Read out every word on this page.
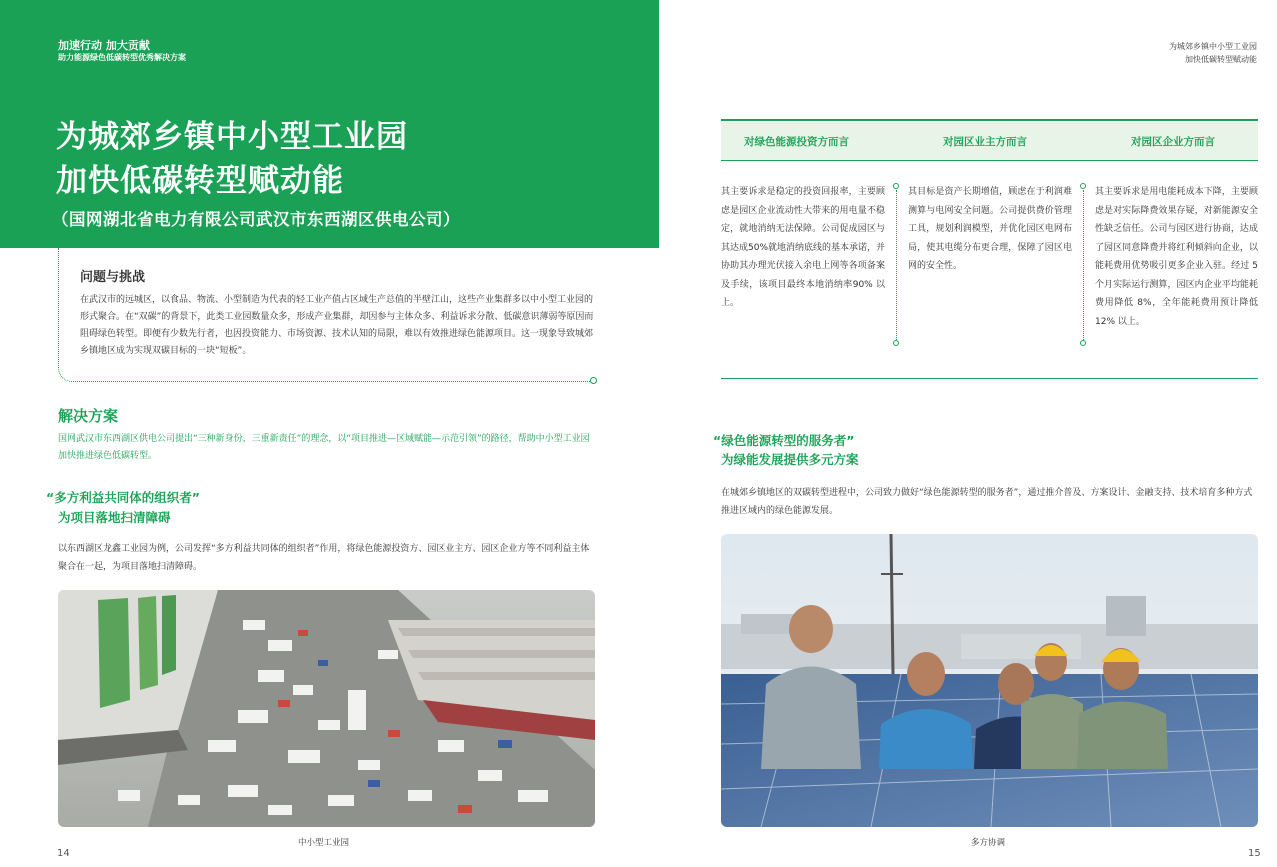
加速行动 加大贡献
助力能源绿色低碳转型优秀解决方案
为城郊乡镇中小型工业园
加快低碳转型赋动能
（国网湖北省电力有限公司武汉市东西湖区供电公司）
问题与挑战
在武汉市的远城区，以食品、物流、小型制造为代表的轻工业产值占区域生产总值的半壁江山，这些产业集群多以中小型工业园的形式聚合。在“双碳”的背景下，此类工业园数量众多，形成产业集群，却因参与主体众多、利益诉求分散、低碳意识薄弱等原因而阻碍绿色转型。即便有少数先行者，也因投资能力、市场资源、技术认知的局限，难以有效推进绿色能源项目。这一现象导致城郊乡镇地区成为实现双碳目标的一块“短板”。
解决方案
国网武汉市东西湖区供电公司提出“三种新身份，三重新责任”的理念，以“项目推进—区域赋能—示范引领”的路径，帮助中小型工业园加快推进绿色低碳转型。
“多方利益共同体的组织者”
为项目落地扫清障碍
以东西湖区龙鑫工业园为例，公司发挥“多方利益共同体的组织者”作用，将绿色能源投资方、园区业主方、园区企业方等不同利益主体聚合在一起，为项目落地扫清障碍。
中小型工业园
14
为城郊乡镇中小型工业园
加快低碳转型赋动能
对绿色能源投资方而言	对园区业主方而言	对园区企业方而言
其主要诉求是稳定的投资回报率，主要顾虑是园区企业流动性大带来的用电量不稳定，就地消纳无法保障。公司促成园区与其达成50%就地消纳底线的基本承诺，并协助其办理光伏接入余电上网等各项备案及手续，该项目最终本地消纳率90% 以上。
其目标是资产长期增值，顾虑在于利润难测算与电网安全问题。公司提供费价管理工具，规划利润模型，并优化园区电网布局，使其电缆分布更合理，保障了园区电网的安全性。
其主要诉求是用电能耗成本下降，主要顾虑是对实际降费效果存疑，对新能源安全性缺乏信任。公司与园区进行协商，达成了园区同意降费并将红利倾斜向企业，以能耗费用优势吸引更多企业入驻。经过 5 个月实际运行测算，园区内企业平均能耗费用降低 8%，全年能耗费用预计降低 12% 以上。
“绿色能源转型的服务者”
为绿能发展提供多元方案
在城郊乡镇地区的双碳转型进程中，公司致力做好“绿色能源转型的服务者”，通过推介普及、方案设计、金融支持、技术培育多种方式推进区域内的绿色能源发展。
多方协调
15
